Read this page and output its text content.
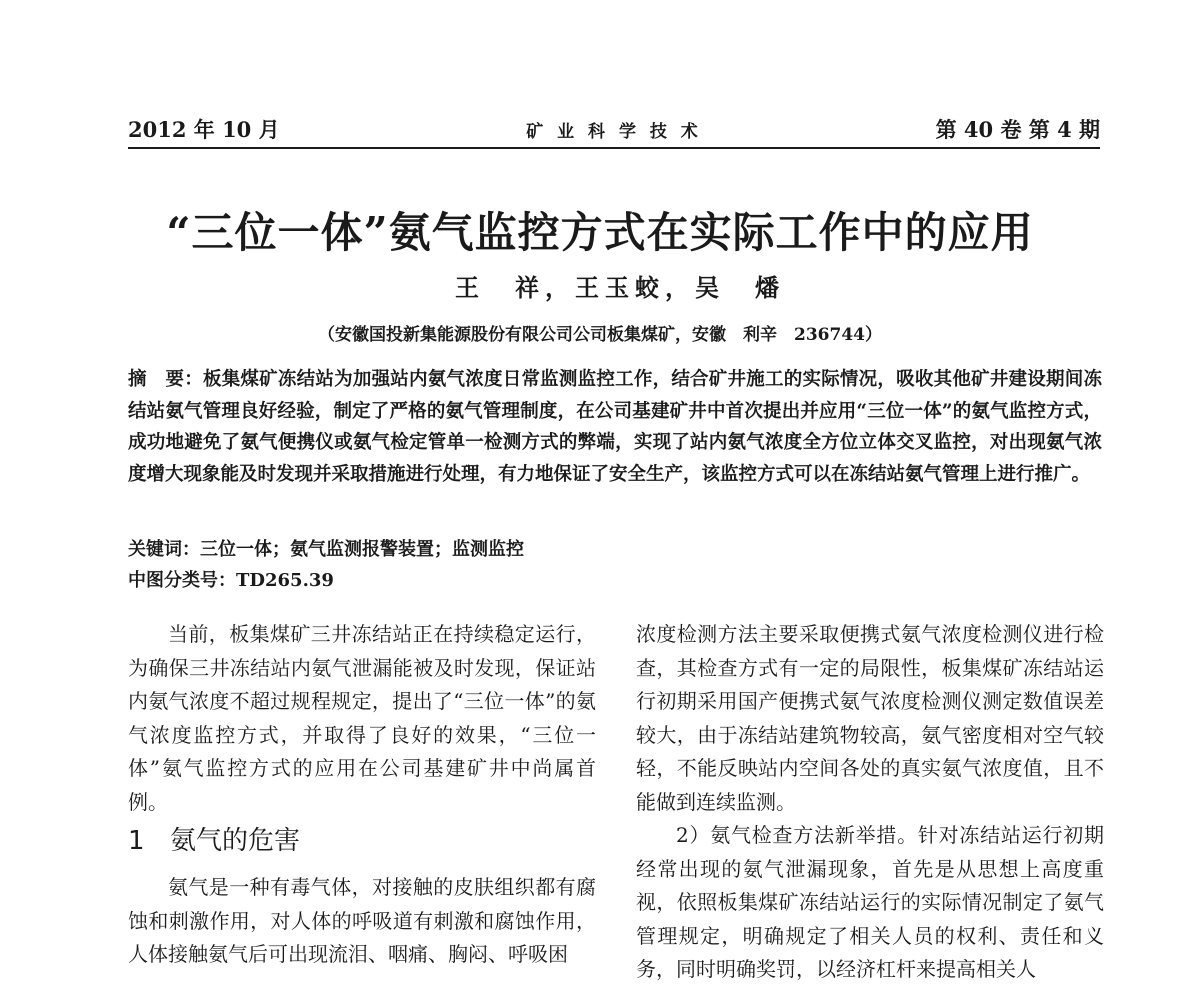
2012 年 10 月	矿 业 科 学 技 术	第 40 卷 第 4 期
“三位一体”氨气监控方式在实际工作中的应用
王　祥，王玉蛟，吴　燔
（安徽国投新集能源股份有限公司公司板集煤矿，安徽　利辛　236744）
摘　要：板集煤矿冻结站为加强站内氨气浓度日常监测监控工作，结合矿井施工的实际情况，吸收其他矿井建设期间冻结站氨气管理良好经验，制定了严格的氨气管理制度，在公司基建矿井中首次提出并应用“三位一体”的氨气监控方式，成功地避免了氨气便携仪或氨气检定管单一检测方式的弊端，实现了站内氨气浓度全方位立体交叉监控，对出现氨气浓度增大现象能及时发现并采取措施进行处理，有力地保证了安全生产，该监控方式可以在冻结站氨气管理上进行推广。
关键词：三位一体；氨气监测报警装置；监测监控
中图分类号：TD265.39

当前，板集煤矿三井冻结站正在持续稳定运行，为确保三井冻结站内氨气泄漏能被及时发现，保证站内氨气浓度不超过规程规定，提出了“三位一体”的氨气浓度监控方式，并取得了良好的效果，“三位一体”氨气监控方式的应用在公司基建矿井中尚属首例。

1 氨气的危害

氨气是一种有毒气体，对接触的皮肤组织都有腐蚀和刺激作用，对人体的呼吸道有刺激和腐蚀作用，人体接触氨气后可出现流泪、咽痛、胸闷、呼吸困

浓度检测方法主要采取便携式氨气浓度检测仪进行检查，其检查方式有一定的局限性，板集煤矿冻结站运行初期采用国产便携式氨气浓度检测仪测定数值误差较大，由于冻结站建筑物较高，氨气密度相对空气较轻，不能反映站内空间各处的真实氨气浓度值，且不能做到连续监测。

2）氨气检查方法新举措。针对冻结站运行初期经常出现的氨气泄漏现象，首先是从思想上高度重视，依照板集煤矿冻结站运行的实际情况制定了氨气管理规定，明确规定了相关人员的权利、责任和义务，同时明确奖罚，以经济杠杆来提高相关人
